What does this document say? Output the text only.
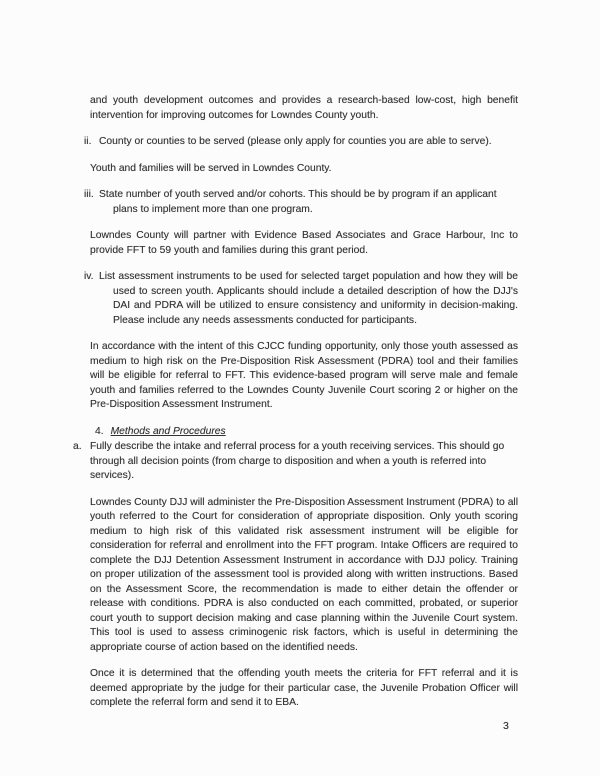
and youth development outcomes and provides a research-based low-cost, high benefit intervention for improving outcomes for Lowndes County youth.
ii. County or counties to be served (please only apply for counties you are able to serve).
Youth and families will be served in Lowndes County.
iii. State number of youth served and/or cohorts. This should be by program if an applicant plans to implement more than one program.
Lowndes County will partner with Evidence Based Associates and Grace Harbour, Inc to provide FFT to 59 youth and families during this grant period.
iv. List assessment instruments to be used for selected target population and how they will be used to screen youth. Applicants should include a detailed description of how the DJJ's DAI and PDRA will be utilized to ensure consistency and uniformity in decision-making. Please include any needs assessments conducted for participants.
In accordance with the intent of this CJCC funding opportunity, only those youth assessed as medium to high risk on the Pre-Disposition Risk Assessment (PDRA) tool and their families will be eligible for referral to FFT. This evidence-based program will serve male and female youth and families referred to the Lowndes County Juvenile Court scoring 2 or higher on the Pre-Disposition Assessment Instrument.
4. Methods and Procedures
a. Fully describe the intake and referral process for a youth receiving services. This should go through all decision points (from charge to disposition and when a youth is referred into services).
Lowndes County DJJ will administer the Pre-Disposition Assessment Instrument (PDRA) to all youth referred to the Court for consideration of appropriate disposition. Only youth scoring medium to high risk of this validated risk assessment instrument will be eligible for consideration for referral and enrollment into the FFT program. Intake Officers are required to complete the DJJ Detention Assessment Instrument in accordance with DJJ policy. Training on proper utilization of the assessment tool is provided along with written instructions. Based on the Assessment Score, the recommendation is made to either detain the offender or release with conditions. PDRA is also conducted on each committed, probated, or superior court youth to support decision making and case planning within the Juvenile Court system. This tool is used to assess criminogenic risk factors, which is useful in determining the appropriate course of action based on the identified needs.
Once it is determined that the offending youth meets the criteria for FFT referral and it is deemed appropriate by the judge for their particular case, the Juvenile Probation Officer will complete the referral form and send it to EBA.
3
